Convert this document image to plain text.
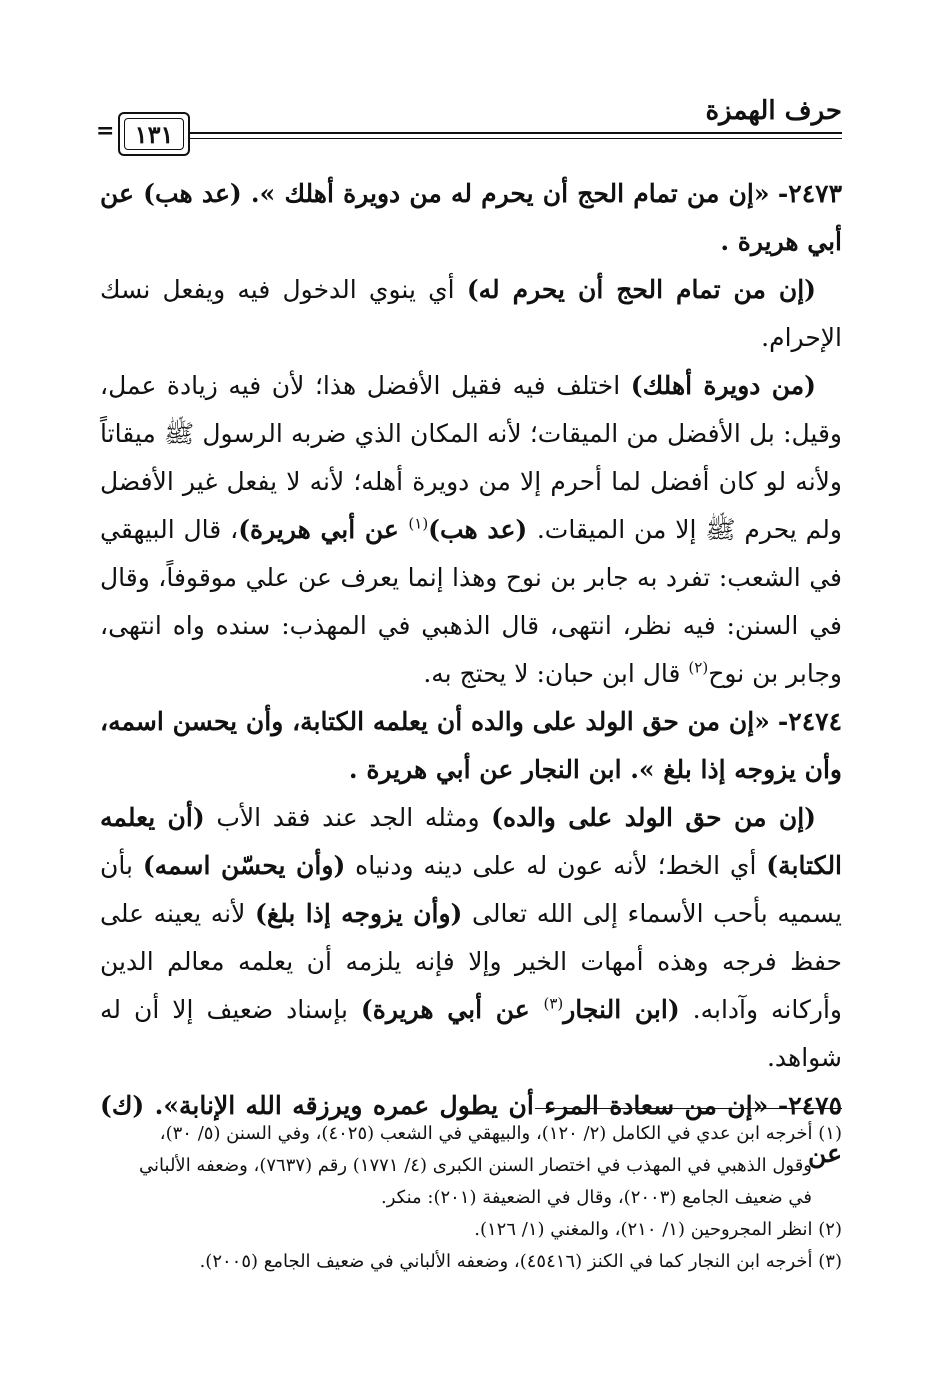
حرف الهمزة
١٣١
=

٢٤٧٣- «إن من تمام الحج أن يحرم له من دويرة أهلك ». (عد هب) عن أبي هريرة .

(إن من تمام الحج أن يحرم له) أي ينوي الدخول فيه ويفعل نسك الإحرام.

(من دويرة أهلك) اختلف فيه فقيل الأفضل هذا؛ لأن فيه زيادة عمل، وقيل: بل الأفضل من الميقات؛ لأنه المكان الذي ضربه الرسول ﷺ ميقاتاً ولأنه لو كان أفضل لما أحرم إلا من دويرة أهله؛ لأنه لا يفعل غير الأفضل ولم يحرم ﷺ إلا من الميقات. (عد هب)$^{(١)}$ عن أبي هريرة)، قال البيهقي في الشعب: تفرد به جابر بن نوح وهذا إنما يعرف عن علي موقوفاً، وقال في السنن: فيه نظر، انتهى، قال الذهبي في المهذب: سنده واه انتهى، وجابر بن نوح$^{(٢)}$ قال ابن حبان: لا يحتج به.

٢٤٧٤- «إن من حق الولد على والده أن يعلمه الكتابة، وأن يحسن اسمه، وأن يزوجه إذا بلغ ». ابن النجار عن أبي هريرة .

(إن من حق الولد على والده) ومثله الجد عند فقد الأب (أن يعلمه الكتابة) أي الخط؛ لأنه عون له على دينه ودنياه (وأن يحسّن اسمه) بأن يسميه بأحب الأسماء إلى الله تعالى (وأن يزوجه إذا بلغ) لأنه يعينه على حفظ فرجه وهذه أمهات الخير وإلا فإنه يلزمه أن يعلمه معالم الدين وأركانه وآدابه. (ابن النجار$^{(٣)}$ عن أبي هريرة) بإسناد ضعيف إلا أن له شواهد.

٢٤٧٥- «إن من سعادة المرء أن يطول عمره ويرزقه الله الإنابة». (ك) عن

(١) أخرجه ابن عدي في الكامل (٢/ ١٢٠)، والبيهقي في الشعب (٤٠٢٥)، وفي السنن (٥/ ٣٠)،

وقول الذهبي في المهذب في اختصار السنن الكبرى (٤/ ١٧٧١) رقم (٧٦٣٧)، وضعفه الألباني

في ضعيف الجامع (٢٠٠٣)، وقال في الضعيفة (٢٠١): منكر.

(٢) انظر المجروحين (١/ ٢١٠)، والمغني (١/ ١٢٦).

(٣) أخرجه ابن النجار كما في الكنز (٤٥٤١٦)، وضعفه الألباني في ضعيف الجامع (٢٠٠٥).
